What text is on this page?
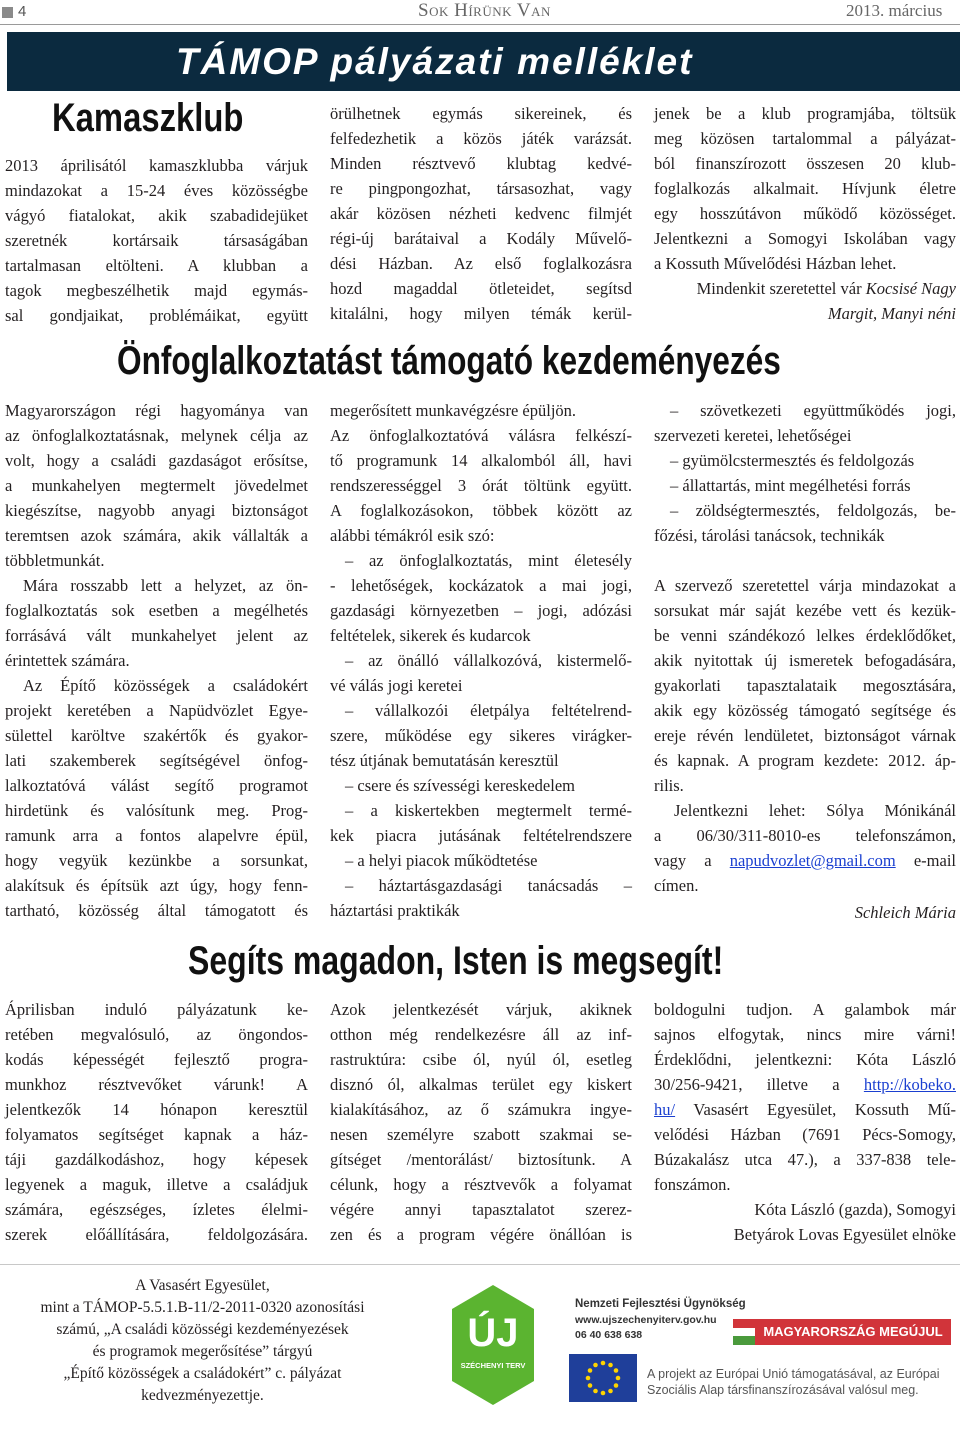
4	Sok Hírünk Van	2013. március
TÁMOP pályázati melléklet
Kamaszklub
2013 áprilisától kamaszklubba várjuk
mindazokat a 15-24 éves közösségbe
vágyó fiatalokat, akik szabadidejüket
szeretnék kortársaik társaságában
tartalmasan eltölteni. A klubban a
tagok megbeszélhetik majd egymás-
sal gondjaikat, problémáikat, együtt
örülhetnek egymás sikereinek, és
felfedezhetik a közös játék varázsát.
Minden résztvevő klubtag kedvé-
re pingpongozhat, társasozhat, vagy
akár közösen nézheti kedvenc filmjét
régi-új barátaival a Kodály Művelő-
dési Házban. Az első foglalkozásra
hozd magaddal ötleteidet, segítsd
kitalálni, hogy milyen témák kerül-
jenek be a klub programjába, töltsük
meg közösen tartalommal a pályázat-
ból finanszírozott összesen 20 klub-
foglalkozás alkalmait. Hívjunk életre
egy hosszútávon működő közösséget.
Jelentkezni a Somogyi Iskolában vagy
a Kossuth Művelődési Házban lehet.
Mindenkit szeretettel vár Kocsisé Nagy
Margit, Manyi néni
Önfoglalkoztatást támogató kezdeményezés
Magyarországon régi hagyománya van
az önfoglalkoztatásnak, melynek célja az
volt, hogy a családi gazdaságot erősítse,
a munkahelyen megtermelt jövedelmet
kiegészítse, nagyobb anyagi biztonságot
teremtsen azok számára, akik vállalták a
többletmunkát.
Mára rosszabb lett a helyzet, az ön-
foglalkoztatás sok esetben a megélhetés
forrásává vált munkahelyet jelent az
érintettek számára.
Az Építő közösségek a családokért
projekt keretében a Napüdvözlet Egye-
sülettel karöltve szakértők és gyakor-
lati szakemberek segítségével önfog-
lalkoztatóvá válást segítő programot
hirdetünk és valósítunk meg. Prog-
ramunk arra a fontos alapelvre épül,
hogy vegyük kezünkbe a sorsunkat,
alakítsuk és építsük azt úgy, hogy fenn-
tartható, közösség által támogatott és
megerősített munkavégzésre épüljön.
Az önfoglalkoztatóvá válásra felkészí-
tő programunk 14 alkalomból áll, havi
rendszerességgel 3 órát töltünk együtt.
A foglalkozásokon, többek között az
alábbi témákról esik szó:
– az önfoglalkoztatás, mint életesély
- lehetőségek, kockázatok a mai jogi,
gazdasági környezetben – jogi, adózási
feltételek, sikerek és kudarcok
– az önálló vállalkozóvá, kistermelő-
vé válás jogi keretei
– vállalkozói életpálya feltételrend-
szere, működése egy sikeres virágker-
tész útjának bemutatásán keresztül
– csere és szívességi kereskedelem
– a kiskertekben megtermelt termé-
kek piacra jutásának feltételrendszere
– a helyi piacok működtetése
– háztartásgazdasági tanácsadás –
háztartási praktikák
– szövetkezeti együttműködés jogi,
szervezeti keretei, lehetőségei
– gyümölcstermesztés és feldolgozás
– állattartás, mint megélhetési forrás
– zöldségtermesztés, feldolgozás, be-
főzési, tárolási tanácsok, technikák
A szervező szeretettel várja mindazokat a
sorsukat már saját kezébe vett és kezük-
be venni szándékozó lelkes érdeklődőket,
akik nyitottak új ismeretek befogadására,
gyakorlati tapasztalataik megosztására,
akik egy közösség támogató segítsége és
ereje révén lendületet, biztonságot várnak
és kapnak. A program kezdete: 2012. áp-
rilis.
Jelentkezni lehet: Sólya Mónikánál
a 06/30/311-8010-es telefonszámon,
vagy a napudvozlet@gmail.com e-mail
címen.
Schleich Mária
Segíts magadon, Isten is megsegít!
Áprilisban induló pályázatunk ke-
retében megvalósuló, az öngondos-
kodás képességét fejlesztő progra-
munkhoz résztvevőket várunk! A
jelentkezők 14 hónapon keresztül
folyamatos segítséget kapnak a ház-
táji gazdálkodáshoz, hogy képesek
legyenek a maguk, illetve a családjuk
számára, egészséges, ízletes élelmi-
szerek előállítására, feldolgozására.
Azok jelentkezését várjuk, akiknek
otthon még rendelkezésre áll az inf-
rastruktúra: csibe ól, nyúl ól, esetleg
disznó ól, alkalmas terület egy kiskert
kialakításához, az ő számukra ingye-
nesen személyre szabott szakmai se-
gítséget /mentorálást/ biztosítunk. A
célunk, hogy a résztvevők a folyamat
végére annyi tapasztalatot szerez-
zen és a program végére önállóan is
boldogulni tudjon. A galambok már
sajnos elfogytak, nincs mire várni!
Érdeklődni, jelentkezni: Kóta László
30/256-9421, illetve a http://kobeko.
hu/ Vasasért Egyesület, Kossuth Mű-
velődési Házban (7691 Pécs-Somogy,
Búzakalász utca 47.), a 337-838 tele-
fonszámon.
Kóta László (gazda), Somogyi
Betyárok Lovas Egyesület elnöke
A Vasasért Egyesület,
mint a TÁMOP-5.5.1.B-11/2-2011-0320 azonosítási
számú, „A családi közösségi kezdeményezések
és programok megerősítése” tárgyú
„Építő közösségek a családokért” c. pályázat
kedvezményezettje.
ÚJ
SZÉCHENYI TERV
Nemzeti Fejlesztési Ügynökség
www.ujszechenyiterv.gov.hu
06 40 638 638	MAGYARORSZÁG MEGÚJUL
A projekt az Európai Unió támogatásával, az Európai
Szociális Alap társfinanszírozásával valósul meg.
